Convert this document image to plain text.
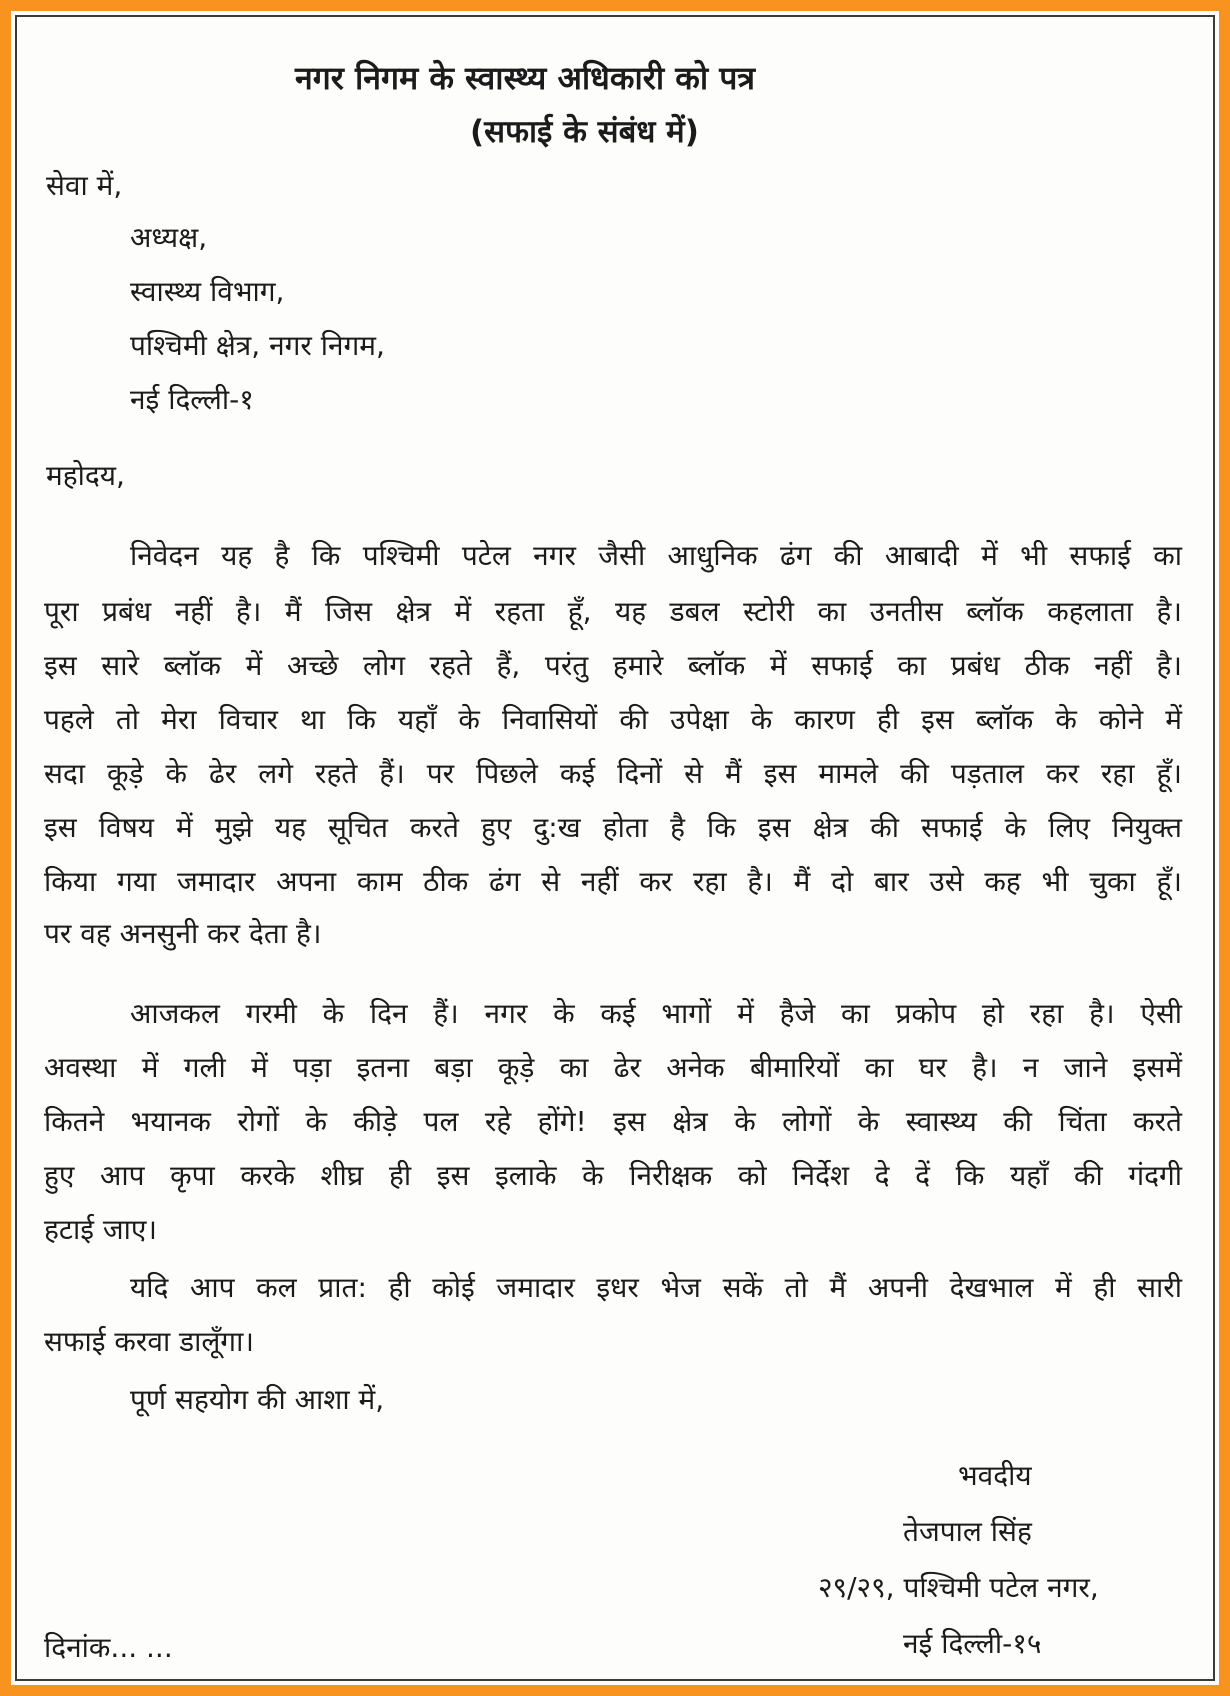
नगर निगम के स्वास्थ्य अधिकारी को पत्र
(सफाई के संबंध में)
सेवा में,
अध्यक्ष,
स्वास्थ्य विभाग,
पश्चिमी क्षेत्र, नगर निगम,
नई दिल्ली-१
महोदय,
निवेदन यह है कि पश्चिमी पटेल नगर जैसी आधुनिक ढंग की आबादी में भी सफाई का
पूरा प्रबंध नहीं है। मैं जिस क्षेत्र में रहता हूँ, यह डबल स्टोरी का उनतीस ब्लॉक कहलाता है।
इस सारे ब्लॉक में अच्छे लोग रहते हैं, परंतु हमारे ब्लॉक में सफाई का प्रबंध ठीक नहीं है।
पहले तो मेरा विचार था कि यहाँ के निवासियों की उपेक्षा के कारण ही इस ब्लॉक के कोने में
सदा कूड़े के ढेर लगे रहते हैं। पर पिछले कई दिनों से मैं इस मामले की पड़ताल कर रहा हूँ।
इस विषय में मुझे यह सूचित करते हुए दु:ख होता है कि इस क्षेत्र की सफाई के लिए नियुक्त
किया गया जमादार अपना काम ठीक ढंग से नहीं कर रहा है। मैं दो बार उसे कह भी चुका हूँ।
पर वह अनसुनी कर देता है।
आजकल गरमी के दिन हैं। नगर के कई भागों में हैजे का प्रकोप हो रहा है। ऐसी
अवस्था में गली में पड़ा इतना बड़ा कूड़े का ढेर अनेक बीमारियों का घर है। न जाने इसमें
कितने भयानक रोगों के कीड़े पल रहे होंगे! इस क्षेत्र के लोगों के स्वास्थ्य की चिंता करते
हुए आप कृपा करके शीघ्र ही इस इलाके के निरीक्षक को निर्देश दे दें कि यहाँ की गंदगी
हटाई जाए।
यदि आप कल प्रात: ही कोई जमादार इधर भेज सकें तो मैं अपनी देखभाल में ही सारी
सफाई करवा डालूँगा।
पूर्ण सहयोग की आशा में,
भवदीय
तेजपाल सिंह
२९/२९, पश्चिमी पटेल नगर,
नई दिल्ली-१५
दिनांक... ...
